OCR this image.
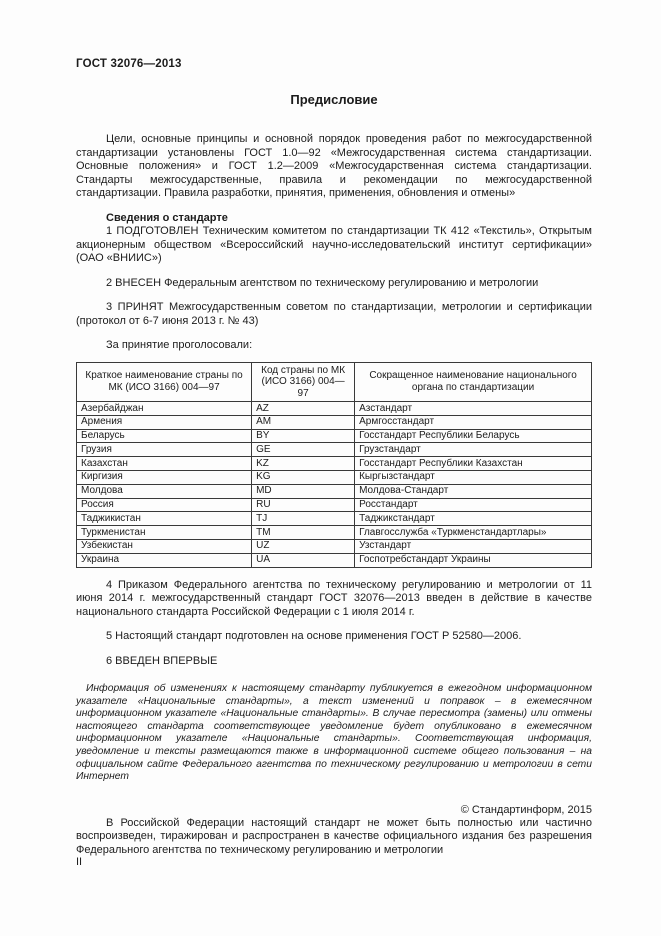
ГОСТ 32076—2013
Предисловие

Цели, основные принципы и основной порядок проведения работ по межгосударственной стандартизации установлены ГОСТ 1.0—92 «Межгосударственная система стандартизации. Основные положения» и ГОСТ 1.2—2009 «Межгосударственная система стандартизации. Стандарты межгосударственные, правила и рекомендации по межгосударственной стандартизации. Правила разработки, принятия, применения, обновления и отмены»

Сведения о стандарте

1 ПОДГОТОВЛЕН Техническим комитетом по стандартизации ТК 412 «Текстиль», Открытым акционерным обществом «Всероссийский научно-исследовательский институт сертификации» (ОАО «ВНИИС»)

2 ВНЕСЕН Федеральным агентством по техническому регулированию и метрологии

3 ПРИНЯТ Межгосударственным советом по стандартизации, метрологии и сертификации (протокол от 6-7 июня 2013 г. № 43)

За принятие проголосовали:

Краткое наименование страны по МК (ИСО 3166) 004—97	Код страны по МК (ИСО 3166) 004—97	Сокращенное наименование национального органа по стандартизации
Азербайджан	AZ	Азстандарт
Армения	AM	Армгосстандарт
Беларусь	BY	Госстандарт Республики Беларусь
Грузия	GE	Грузстандарт
Казахстан	KZ	Госстандарт Республики Казахстан
Киргизия	KG	Кыргызстандарт
Молдова	MD	Молдова-Стандарт
Россия	RU	Росстандарт
Таджикистан	TJ	Таджикстандарт
Туркменистан	TM	Главгосслужба «Туркменстандартлары»
Узбекистан	UZ	Узстандарт
Украина	UA	Госпотребстандарт Украины

4 Приказом Федерального агентства по техническому регулированию и метрологии от 11 июня 2014 г. межгосударственный стандарт ГОСТ 32076—2013 введен в действие в качестве национального стандарта Российской Федерации с 1 июля 2014 г.

5 Настоящий стандарт подготовлен на основе применения ГОСТ Р 52580—2006.

6 ВВЕДЕН ВПЕРВЫЕ

Информация об изменениях к настоящему стандарту публикуется в ежегодном информационном указателе «Национальные стандарты», а текст изменений и поправок – в ежемесячном информационном указателе «Национальные стандарты». В случае пересмотра (замены) или отмены настоящего стандарта соответствующее уведомление будет опубликовано в ежемесячном информационном указателе «Национальные стандарты». Соответствующая информация, уведомление и тексты размещаются также в информационной системе общего пользования – на официальном сайте Федерального агентства по техническому регулированию и метрологии в сети Интернет

© Стандартинформ, 2015

В Российской Федерации настоящий стандарт не может быть полностью или частично воспроизведен, тиражирован и распространен в качестве официального издания без разрешения Федерального агентства по техническому регулированию и метрологии

II
